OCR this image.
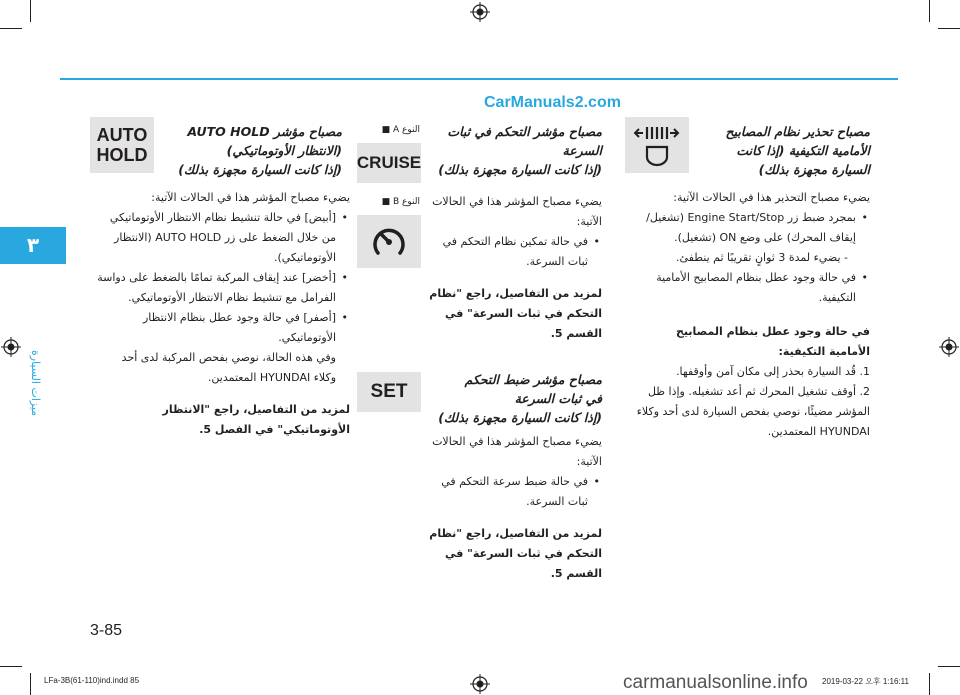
٣
ميزات السيارة
CarManuals2.com
AUTO
HOLD

مصباح مؤشر AUTO HOLD

(الانتظار الأوتوماتيكي)

(إذا كانت السيارة مجهزة بذلك)

يضيء مصباح المؤشر هذا في الحالات الآتية:

• [أبيض] في حالة تنشيط نظام الانتظار الأوتوماتيكي من خلال الضغط على زر AUTO HOLD (الانتظار الأوتوماتيكي).
• [أخضر] عند إيقاف المركبة تمامًا بالضغط على دواسة الفرامل مع تنشيط نظام الانتظار الأوتوماتيكي.
• [أصفر] في حالة وجود عطل بنظام الانتظار الأوتوماتيكي.

وفي هذه الحالة، نوصي بفحص المركبة لدى أحد وكلاء HYUNDAI المعتمدين.

لمزيد من التفاصيل، راجع "الانتظار الأوتوماتيكي" في الفصل 5.

النوع A ■
CRUISE
النوع B ■

مصباح مؤشر التحكم في ثبات

السرعة

(إذا كانت السيارة مجهزة بذلك)

يضيء مصباح المؤشر هذا في الحالات الآتية:

• في حالة تمكين نظام التحكم في ثبات السرعة.

لمزيد من التفاصيل، راجع "نظام التحكم في ثبات السرعة" في القسم 5.

SET

مصباح مؤشر ضبط التحكم

في ثبات السرعة

(إذا كانت السيارة مجهزة بذلك)

يضيء مصباح المؤشر هذا في الحالات الآتية:

• في حالة ضبط سرعة التحكم في ثبات السرعة.

لمزيد من التفاصيل، راجع "نظام التحكم في ثبات السرعة" في القسم 5.

مصباح تحذير نظام المصابيح

الأمامية التكيفية (إذا كانت

السيارة مجهزة بذلك)

يضيء مصباح التحذير هذا في الحالات الآتية:

• بمجرد ضبط زر Engine Start/Stop (تشغيل/إيقاف المحرك) على وضع ON (تشغيل).

- يضيء لمدة 3 ثوانٍ تقريبًا ثم ينطفئ.

• في حالة وجود عطل بنظام المصابيح الأمامية التكيفية.

في حالة وجود عطل بنظام المصابيح الأمامية التكيفية:

1. قُد السيارة بحذر إلى مكان آمن وأوقفها.

2. أوقف تشغيل المحرك ثم أعد تشغيله. وإذا ظل المؤشر مضيئًا، نوصي بفحص السيارة لدى أحد وكلاء HYUNDAI المعتمدين.

3-85
LFa-3B(61-110)ind.indd 85	2019-03-22 오후 1:16:11
carmanualsonline.info
